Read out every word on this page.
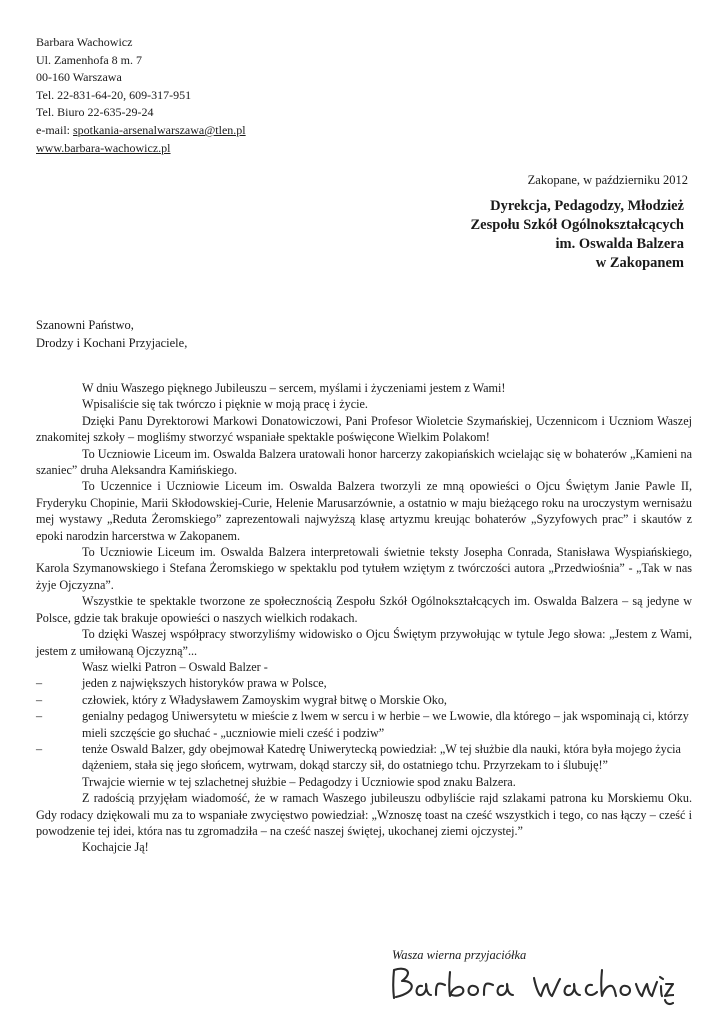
Barbara Wachowicz
Ul. Zamenhofa 8 m. 7
00-160 Warszawa
Tel. 22-831-64-20, 609-317-951
Tel. Biuro 22-635-29-24
e-mail: spotkania-arsenalwarszawa@tlen.pl
www.barbara-wachowicz.pl
Zakopane, w październiku 2012
Dyrekcja, Pedagodzy, Młodzież
Zespołu Szkół Ogólnokształcących
im. Oswalda Balzera
w Zakopanem
Szanowni Państwo,
Drodzy i Kochani Przyjaciele,

W dniu Waszego pięknego Jubileuszu – sercem, myślami i życzeniami jestem z Wami!

Wpisaliście się tak twórczo i pięknie w moją pracę i życie.

Dzięki Panu Dyrektorowi Markowi Donatowiczowi, Pani Profesor Wioletcie Szymańskiej, Uczennicom i Uczniom Waszej znakomitej szkoły – mogliśmy stworzyć wspaniałe spektakle poświęcone Wielkim Polakom!

To Uczniowie Liceum im. Oswalda Balzera uratowali honor harcerzy zakopiańskich wcielając się w bohaterów „Kamieni na szaniec” druha Aleksandra Kamińskiego.

To Uczennice i Uczniowie Liceum im. Oswalda Balzera tworzyli ze mną opowieści o Ojcu Świętym Janie Pawle II, Fryderyku Chopinie, Marii Skłodowskiej-Curie, Helenie Marusarzównie, a ostatnio w maju bieżącego roku na uroczystym wernisażu mej wystawy „Reduta Żeromskiego” zaprezentowali najwyższą klasę artyzmu kreując bohaterów „Syzyfowych prac” i skautów z epoki narodzin harcerstwa w Zakopanem.

To Uczniowie Liceum im. Oswalda Balzera interpretowali świetnie teksty Josepha Conrada, Stanisława Wyspiańskiego, Karola Szymanowskiego i Stefana Żeromskiego w spektaklu pod tytułem wziętym z twórczości autora „Przedwiośnia” - „Tak w nas żyje Ojczyzna”.

Wszystkie te spektakle tworzone ze społecznością Zespołu Szkół Ogólnokształcących im. Oswalda Balzera – są jedyne w Polsce, gdzie tak brakuje opowieści o naszych wielkich rodakach.

To dzięki Waszej współpracy stworzyliśmy widowisko o Ojcu Świętym przywołując w tytule Jego słowa: „Jestem z Wami, jestem z umiłowaną Ojczyzną”...

Wasz wielki Patron – Oswald Balzer -

–	jeden z największych historyków prawa w Polsce,
–	człowiek, który z Władysławem Zamoyskim wygrał bitwę o Morskie Oko,
–	genialny pedagog Uniwersytetu w mieście z lwem w sercu i w herbie – we Lwowie, dla którego – jak wspominają ci, którzy mieli szczęście go słuchać - „uczniowie mieli cześć i podziw”
–	tenże Oswald Balzer, gdy obejmował Katedrę Uniwerytecką powiedział: „W tej służbie dla nauki, która była mojego życia dążeniem, stała się jego słońcem, wytrwam, dokąd starczy sił, do ostatniego tchu. Przyrzekam to i ślubuję!”

Trwajcie wiernie w tej szlachetnej służbie – Pedagodzy i Uczniowie spod znaku Balzera.

Z radością przyjęłam wiadomość, że w ramach Waszego jubileuszu odbyliście rajd szlakami patrona ku Morskiemu Oku. Gdy rodacy dziękowali mu za to wspaniałe zwycięstwo powiedział: „Wznoszę toast na cześć wszystkich i tego, co nas łączy – cześć i powodzenie tej idei, która nas tu zgromadziła – na cześć naszej świętej, ukochanej ziemi ojczystej.”

Kochajcie Ją!

Wasza wierna przyjaciółka
